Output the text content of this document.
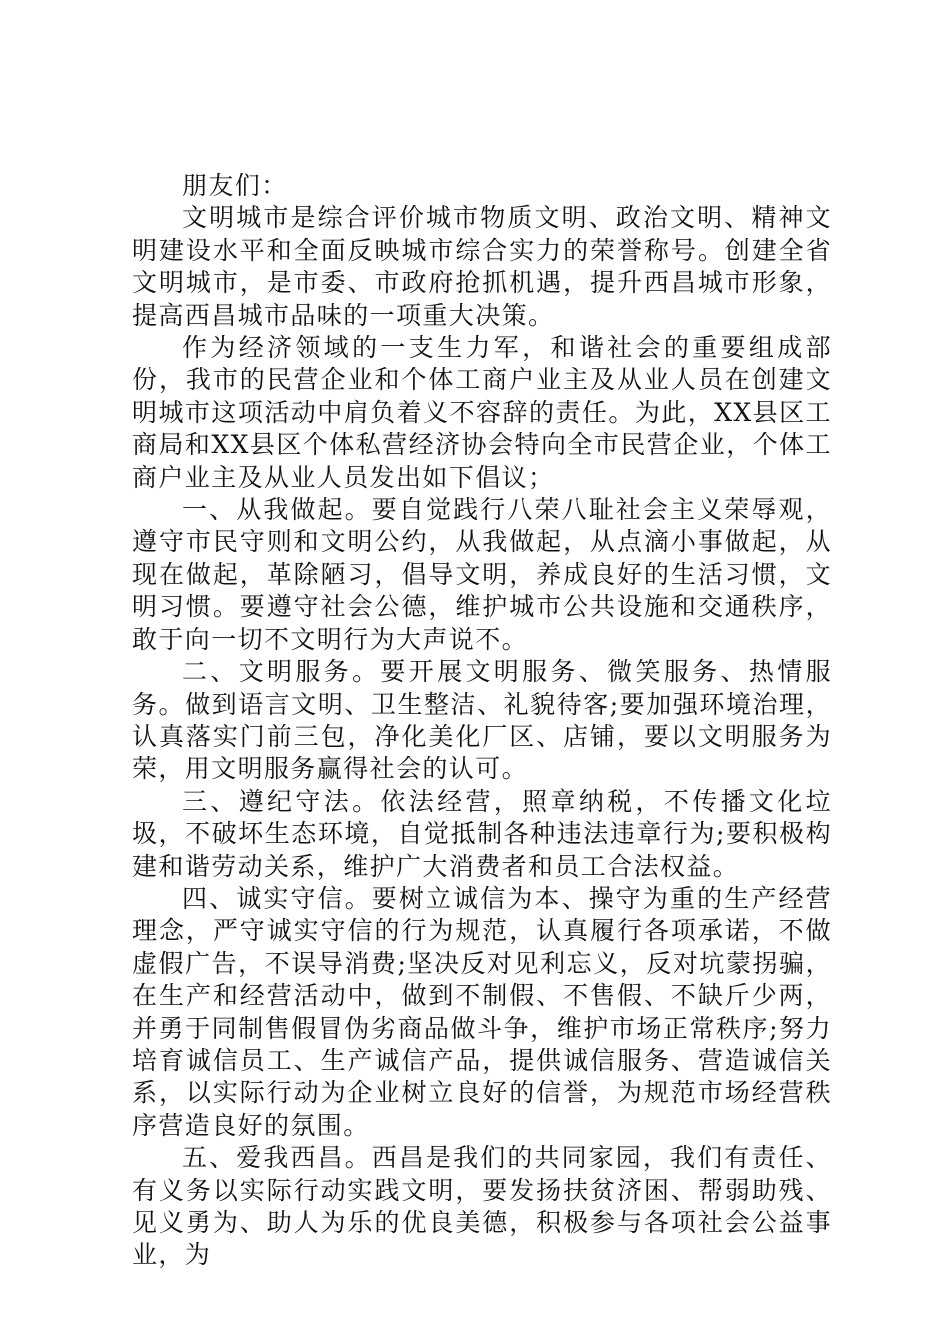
朋友们：

文明城市是综合评价城市物质文明、政治文明、精神文明建设水平和全面反映城市综合实力的荣誉称号。创建全省文明城市，是市委、市政府抢抓机遇，提升西昌城市形象，提高西昌城市品味的一项重大决策。

作为经济领域的一支生力军，和谐社会的重要组成部份，我市的民营企业和个体工商户业主及从业人员在创建文明城市这项活动中肩负着义不容辞的责任。为此，XX县区工商局和XX县区个体私营经济协会特向全市民营企业，个体工商户业主及从业人员发出如下倡议；

一、从我做起。要自觉践行八荣八耻社会主义荣辱观，遵守市民守则和文明公约，从我做起，从点滴小事做起，从现在做起，革除陋习，倡导文明，养成良好的生活习惯，文明习惯。要遵守社会公德，维护城市公共设施和交通秩序，敢于向一切不文明行为大声说不。

二、文明服务。要开展文明服务、微笑服务、热情服务。做到语言文明、卫生整洁、礼貌待客;要加强环境治理，认真落实门前三包，净化美化厂区、店铺，要以文明服务为荣，用文明服务赢得社会的认可。

三、遵纪守法。依法经营，照章纳税，不传播文化垃圾，不破坏生态环境，自觉抵制各种违法违章行为;要积极构建和谐劳动关系，维护广大消费者和员工合法权益。

四、诚实守信。要树立诚信为本、操守为重的生产经营理念，严守诚实守信的行为规范，认真履行各项承诺，不做虚假广告，不误导消费;坚决反对见利忘义，反对坑蒙拐骗，在生产和经营活动中，做到不制假、不售假、不缺斤少两，并勇于同制售假冒伪劣商品做斗争，维护市场正常秩序;努力培育诚信员工、生产诚信产品，提供诚信服务、营造诚信关系，以实际行动为企业树立良好的信誉，为规范市场经营秩序营造良好的氛围。

五、爱我西昌。西昌是我们的共同家园，我们有责任、有义务以实际行动实践文明，要发扬扶贫济困、帮弱助残、见义勇为、助人为乐的优良美德，积极参与各项社会公益事业，为
